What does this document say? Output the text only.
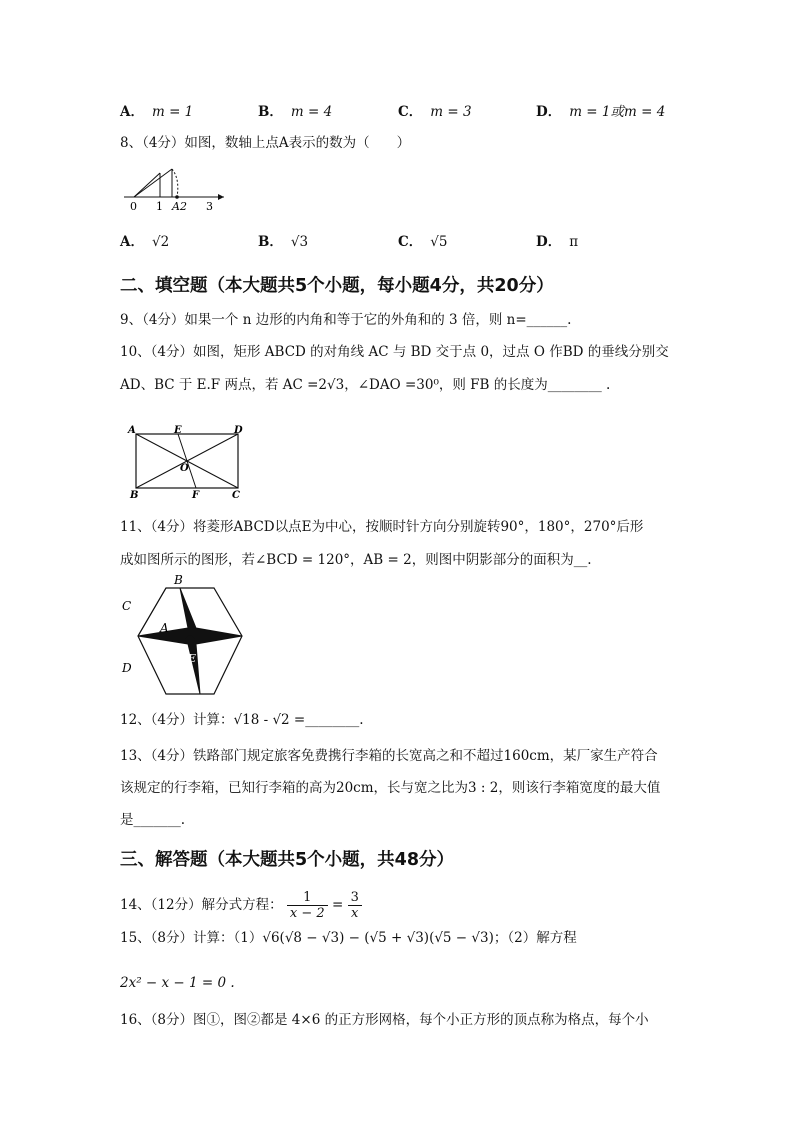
A． m = 1	B． m = 4	C． m = 3	D． m = 1或m = 4
8、（4分）如图，数轴上点A表示的数为（　　）
0 1 A2 3
A． √2	B． √3	C． √5	D． π
二、填空题（本大题共5个小题，每小题4分，共20分）
9、（4分）如果一个 n 边形的内角和等于它的外角和的 3 倍，则 n=______.
10、（4分）如图，矩形 ABCD 的对角线 AC 与 BD 交于点 0，过点 O 作BD 的垂线分别交
AD、BC 于 E.F 两点，若 AC =2√3，∠DAO =30⁰，则 FB 的长度为________ .
A	E	D
O
B	F	C
11、（4分）将菱形ABCD以点E为中心，按顺时针方向分别旋转90°，180°，270°后形
成如图所示的图形，若∠BCD = 120°，AB = 2，则图中阴影部分的面积为__.
B
C
A
D
E
12、（4分）计算：√18 - √2 =________.
13、（4分）铁路部门规定旅客免费携行李箱的长宽高之和不超过160cm，某厂家生产符合
该规定的行李箱，已知行李箱的高为20cm，长与宽之比为3 : 2，则该行李箱宽度的最大值
是_______.
三、解答题（本大题共5个小题，共48分）
14、（12分）解分式方程： $\frac{1}{x - 2} = \frac{3}{x}$
15、（8分）计算：（1）√6(√8 − √3) − (√5 + √3)(√5 − √3)；（2）解方程
2x² − x − 1 = 0 .
16、（8分）图①，图②都是 4×6 的正方形网格，每个小正方形的顶点称为格点，每个小
